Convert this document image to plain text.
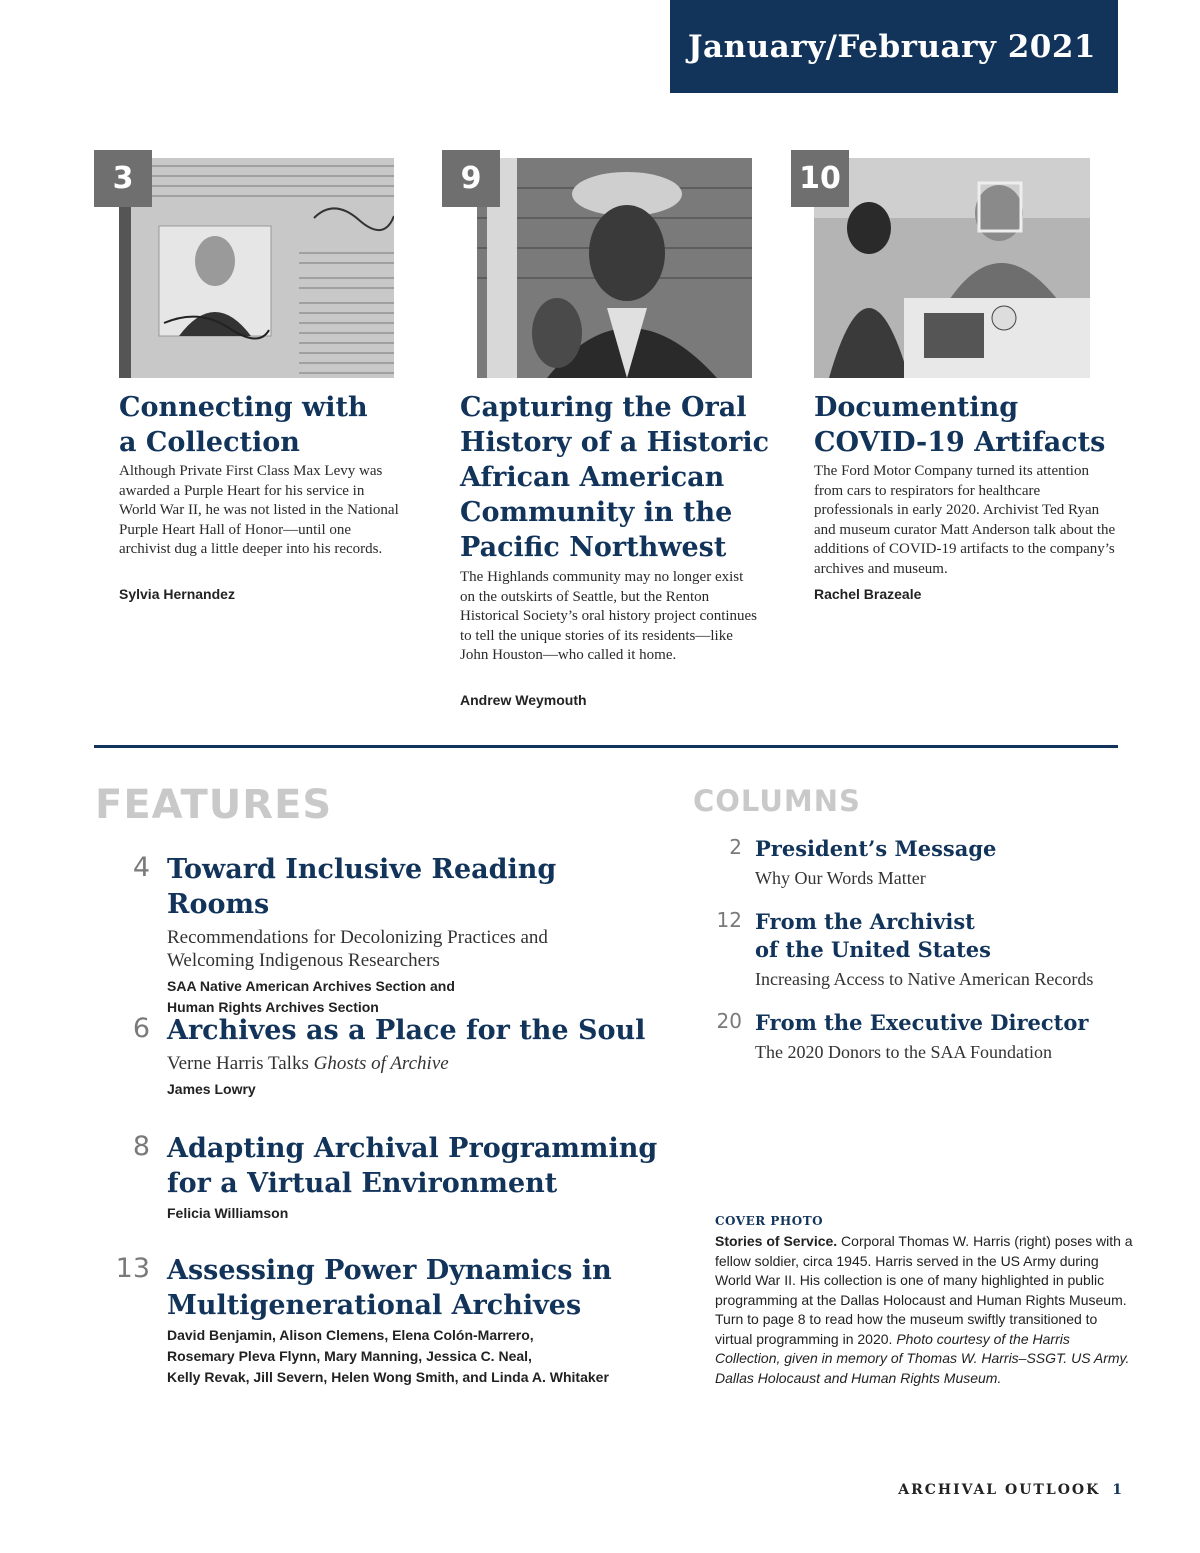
January/February 2021
3
Connecting with
a Collection

Although Private First Class Max Levy was awarded a Purple Heart for his service in World War II, he was not listed in the National Purple Heart Hall of Honor—until one archivist dug a little deeper into his records.

Sylvia Hernandez

9
Capturing the Oral
History of a Historic
African American
Community in the
Pacific Northwest

The Highlands community may no longer exist on the outskirts of Seattle, but the Renton Historical Society’s oral history project continues to tell the unique stories of its residents—like John Houston—who called it home.

Andrew Weymouth

10
Documenting
COVID-19 Artifacts

The Ford Motor Company turned its attention from cars to respirators for healthcare professionals in early 2020. Archivist Ted Ryan and museum curator Matt Anderson talk about the additions of COVID-19 artifacts to the company’s archives and museum.

Rachel Brazeale

FEATURES
4 Toward Inclusive Reading Rooms

Recommendations for Decolonizing Practices and
Welcoming Indigenous Researchers

SAA Native American Archives Section and
Human Rights Archives Section

6 Archives as a Place for the Soul

Verne Harris Talks Ghosts of Archive

James Lowry

8 Adapting Archival Programming
for a Virtual Environment

Felicia Williamson

13 Assessing Power Dynamics in
Multigenerational Archives

David Benjamin, Alison Clemens, Elena Colón-Marrero,
Rosemary Pleva Flynn, Mary Manning, Jessica C. Neal,
Kelly Revak, Jill Severn, Helen Wong Smith, and Linda A. Whitaker

COLUMNS
2 President’s Message

Why Our Words Matter

12 From the Archivist
of the United States

Increasing Access to Native American Records

20 From the Executive Director

The 2020 Donors to the SAA Foundation

COVER PHOTO

Stories of Service. Corporal Thomas W. Harris (right) poses with a fellow soldier, circa 1945. Harris served in the US Army during World War II. His collection is one of many highlighted in public programming at the Dallas Holocaust and Human Rights Museum. Turn to page 8 to read how the museum swiftly transitioned to virtual programming in 2020. Photo courtesy of the Harris Collection, given in memory of Thomas W. Harris–SSGT. US Army. Dallas Holocaust and Human Rights Museum.

ARCHIVAL OUTLOOK 1
